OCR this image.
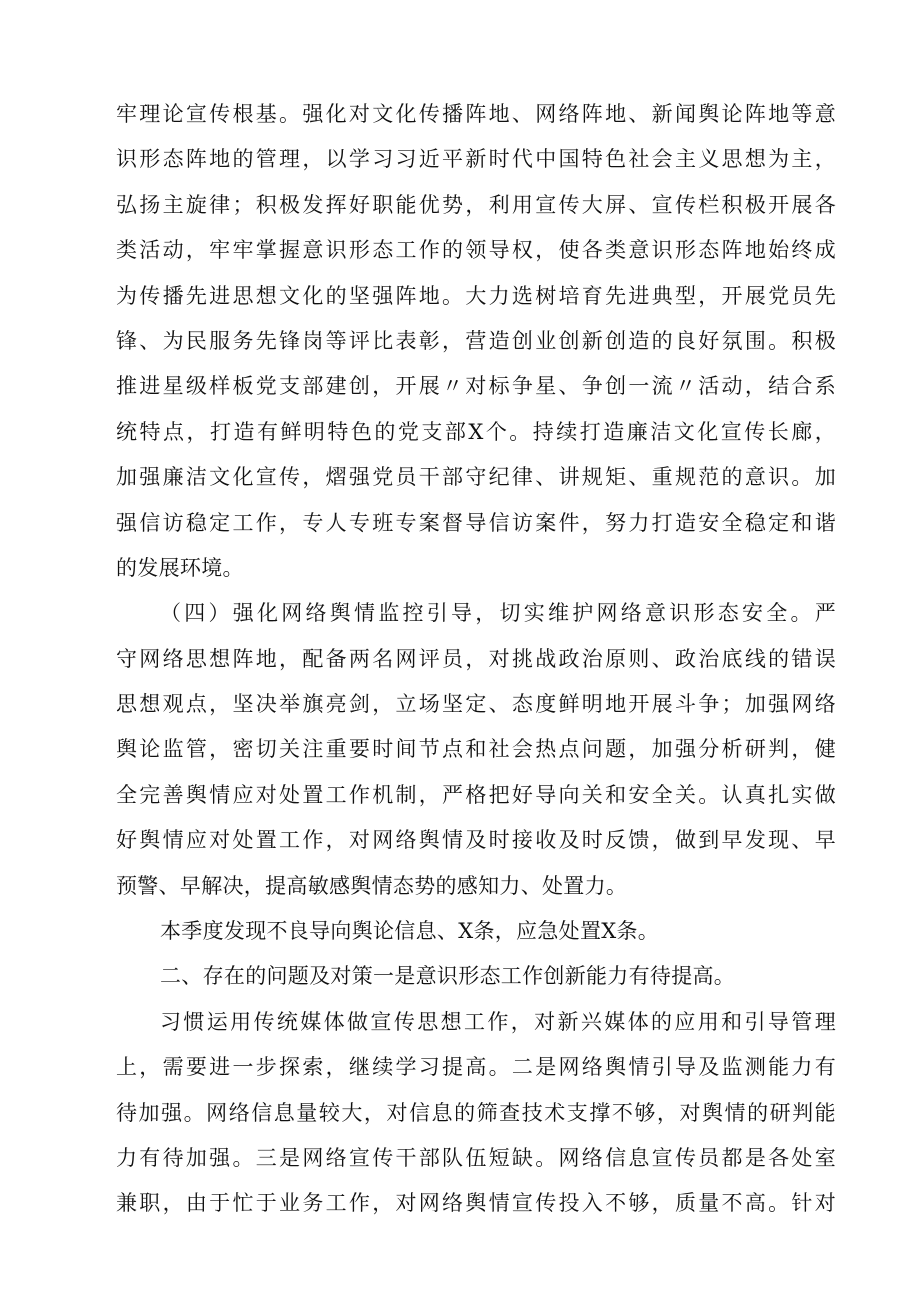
牢理论宣传根基。强化对文化传播阵地、网络阵地、新闻舆论阵地等意
识形态阵地的管理，以学习习近平新时代中国特色社会主义思想为主，
弘扬主旋律；积极发挥好职能优势，利用宣传大屏、宣传栏积极开展各
类活动，牢牢掌握意识形态工作的领导权，使各类意识形态阵地始终成
为传播先进思想文化的坚强阵地。大力选树培育先进典型，开展党员先
锋、为民服务先锋岗等评比表彰，营造创业创新创造的良好氛围。积极
推进星级样板党支部建创，开展〃对标争星、争创一流〃活动，结合系
统特点，打造有鲜明特色的党支部X个。持续打造廉洁文化宣传长廊，
加强廉洁文化宣传，熠强党员干部守纪律、讲规矩、重规范的意识。加
强信访稳定工作，专人专班专案督导信访案件，努力打造安全稳定和谐
的发展环境。
（四）强化网络舆情监控引导，切实维护网络意识形态安全。严
守网络思想阵地，配备两名网评员，对挑战政治原则、政治底线的错误
思想观点，坚决举旗亮剑，立场坚定、态度鲜明地开展斗争；加强网络
舆论监管，密切关注重要时间节点和社会热点问题，加强分析研判，健
全完善舆情应对处置工作机制，严格把好导向关和安全关。认真扎实做
好舆情应对处置工作，对网络舆情及时接收及时反馈，做到早发现、早
预警、早解决，提高敏感舆情态势的感知力、处置力。
本季度发现不良导向舆论信息、X条，应急处置X条。
二、存在的问题及对策一是意识形态工作创新能力有待提高。
习惯运用传统媒体做宣传思想工作，对新兴媒体的应用和引导管理
上，需要进一步探索，继续学习提高。二是网络舆情引导及监测能力有
待加强。网络信息量较大，对信息的筛查技术支撑不够，对舆情的研判能
力有待加强。三是网络宣传干部队伍短缺。网络信息宣传员都是各处室
兼职，由于忙于业务工作，对网络舆情宣传投入不够，质量不高。针对
